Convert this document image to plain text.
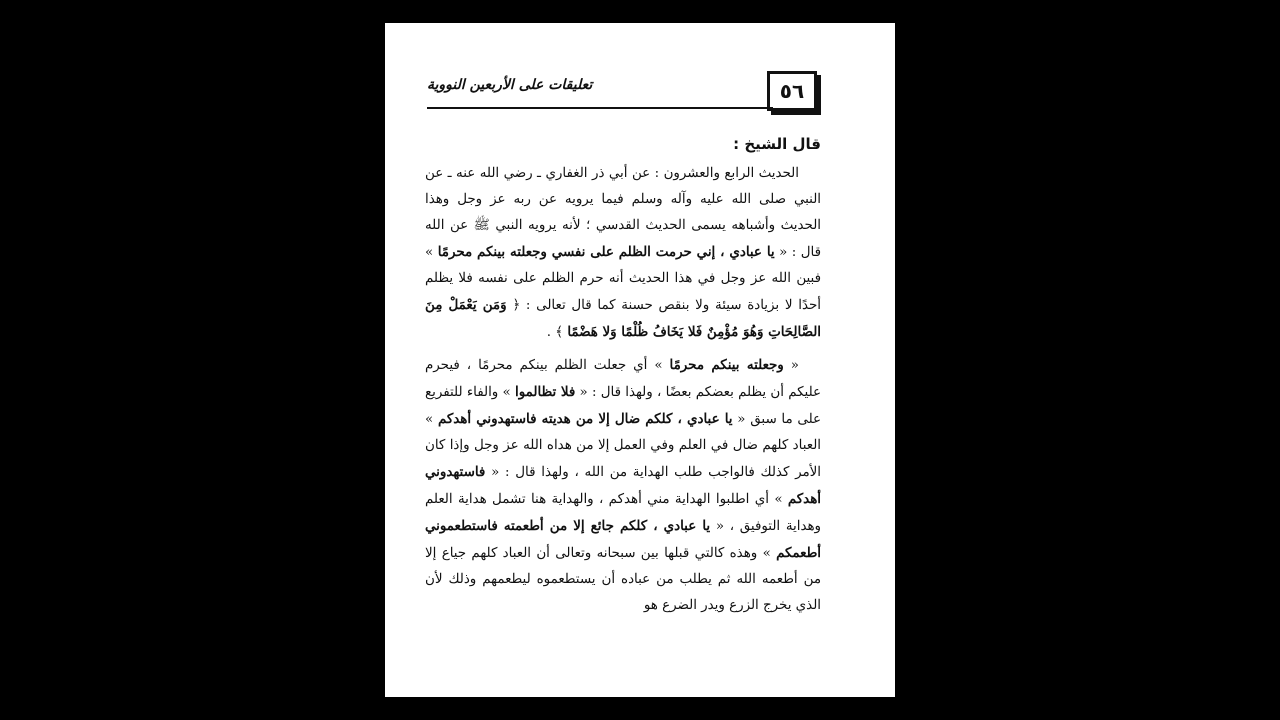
٥٦
تعليقات على الأربعين النووية
قال الشيخ :

الحديث الرابع والعشرون : عن أبي ذر الغفاري ـ رضي الله عنه ـ عن النبي صلى الله عليه وآله وسلم فيما يرويه عن ربه عز وجل وهذا الحديث وأشباهه يسمى الحديث القدسي ؛ لأنه يرويه النبي ﷺ عن الله قال : « يا عبادي ، إني حرمت الظلم على نفسي وجعلته بينكم محرمًا » فبين الله عز وجل في هذا الحديث أنه حرم الظلم على نفسه فلا يظلم أحدًا لا بزيادة سيئة ولا بنقص حسنة كما قال تعالى : ﴿ وَمَن يَعْمَلْ مِنَ الصَّالِحَاتِ وَهُوَ مُؤْمِنٌ فَلا يَخَافُ ظُلْمًا وَلا هَضْمًا ﴾ .

« وجعلته بينكم محرمًا » أي جعلت الظلم بينكم محرمًا ، فيحرم عليكم أن يظلم بعضكم بعضًا ، ولهذا قال : « فلا تظالموا » والفاء للتفريع على ما سبق « يا عبادي ، كلكم ضال إلا من هديته فاستهدوني أهدكم » العباد كلهم ضال في العلم وفي العمل إلا من هداه الله عز وجل وإذا كان الأمر كذلك فالواجب طلب الهداية من الله ، ولهذا قال : « فاستهدوني أهدكم » أي اطلبوا الهداية مني أهدكم ، والهداية هنا تشمل هداية العلم وهداية التوفيق ، « يا عبادي ، كلكم جائع إلا من أطعمته فاستطعموني أطعمكم » وهذه كالتي قبلها بين سبحانه وتعالى أن العباد كلهم جياع إلا من أطعمه الله ثم يطلب من عباده أن يستطعموه ليطعمهم وذلك لأن الذي يخرج الزرع ويدر الضرع هو
